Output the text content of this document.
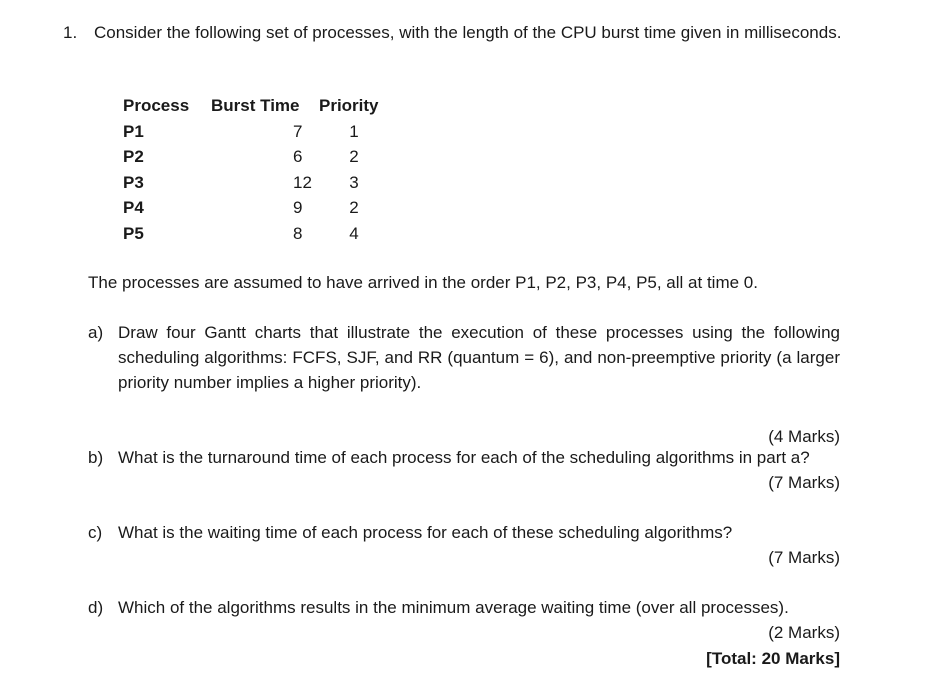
1. Consider the following set of processes, with the length of the CPU burst time given in milliseconds.
Process	Burst Time	Priority
P1	7	1
P2	6	2
P3	12	3
P4	9	2
P5	8	4
The processes are assumed to have arrived in the order P1, P2, P3, P4, P5, all at time 0.
a) Draw four Gantt charts that illustrate the execution of these processes using the following scheduling algorithms: FCFS, SJF, and RR (quantum = 6), and non-preemptive priority (a larger priority number implies a higher priority).
(4 Marks)
b) What is the turnaround time of each process for each of the scheduling algorithms in part a?
(7 Marks)
c) What is the waiting time of each process for each of these scheduling algorithms?
(7 Marks)
d) Which of the algorithms results in the minimum average waiting time (over all processes).
(2 Marks)
[Total: 20 Marks]
